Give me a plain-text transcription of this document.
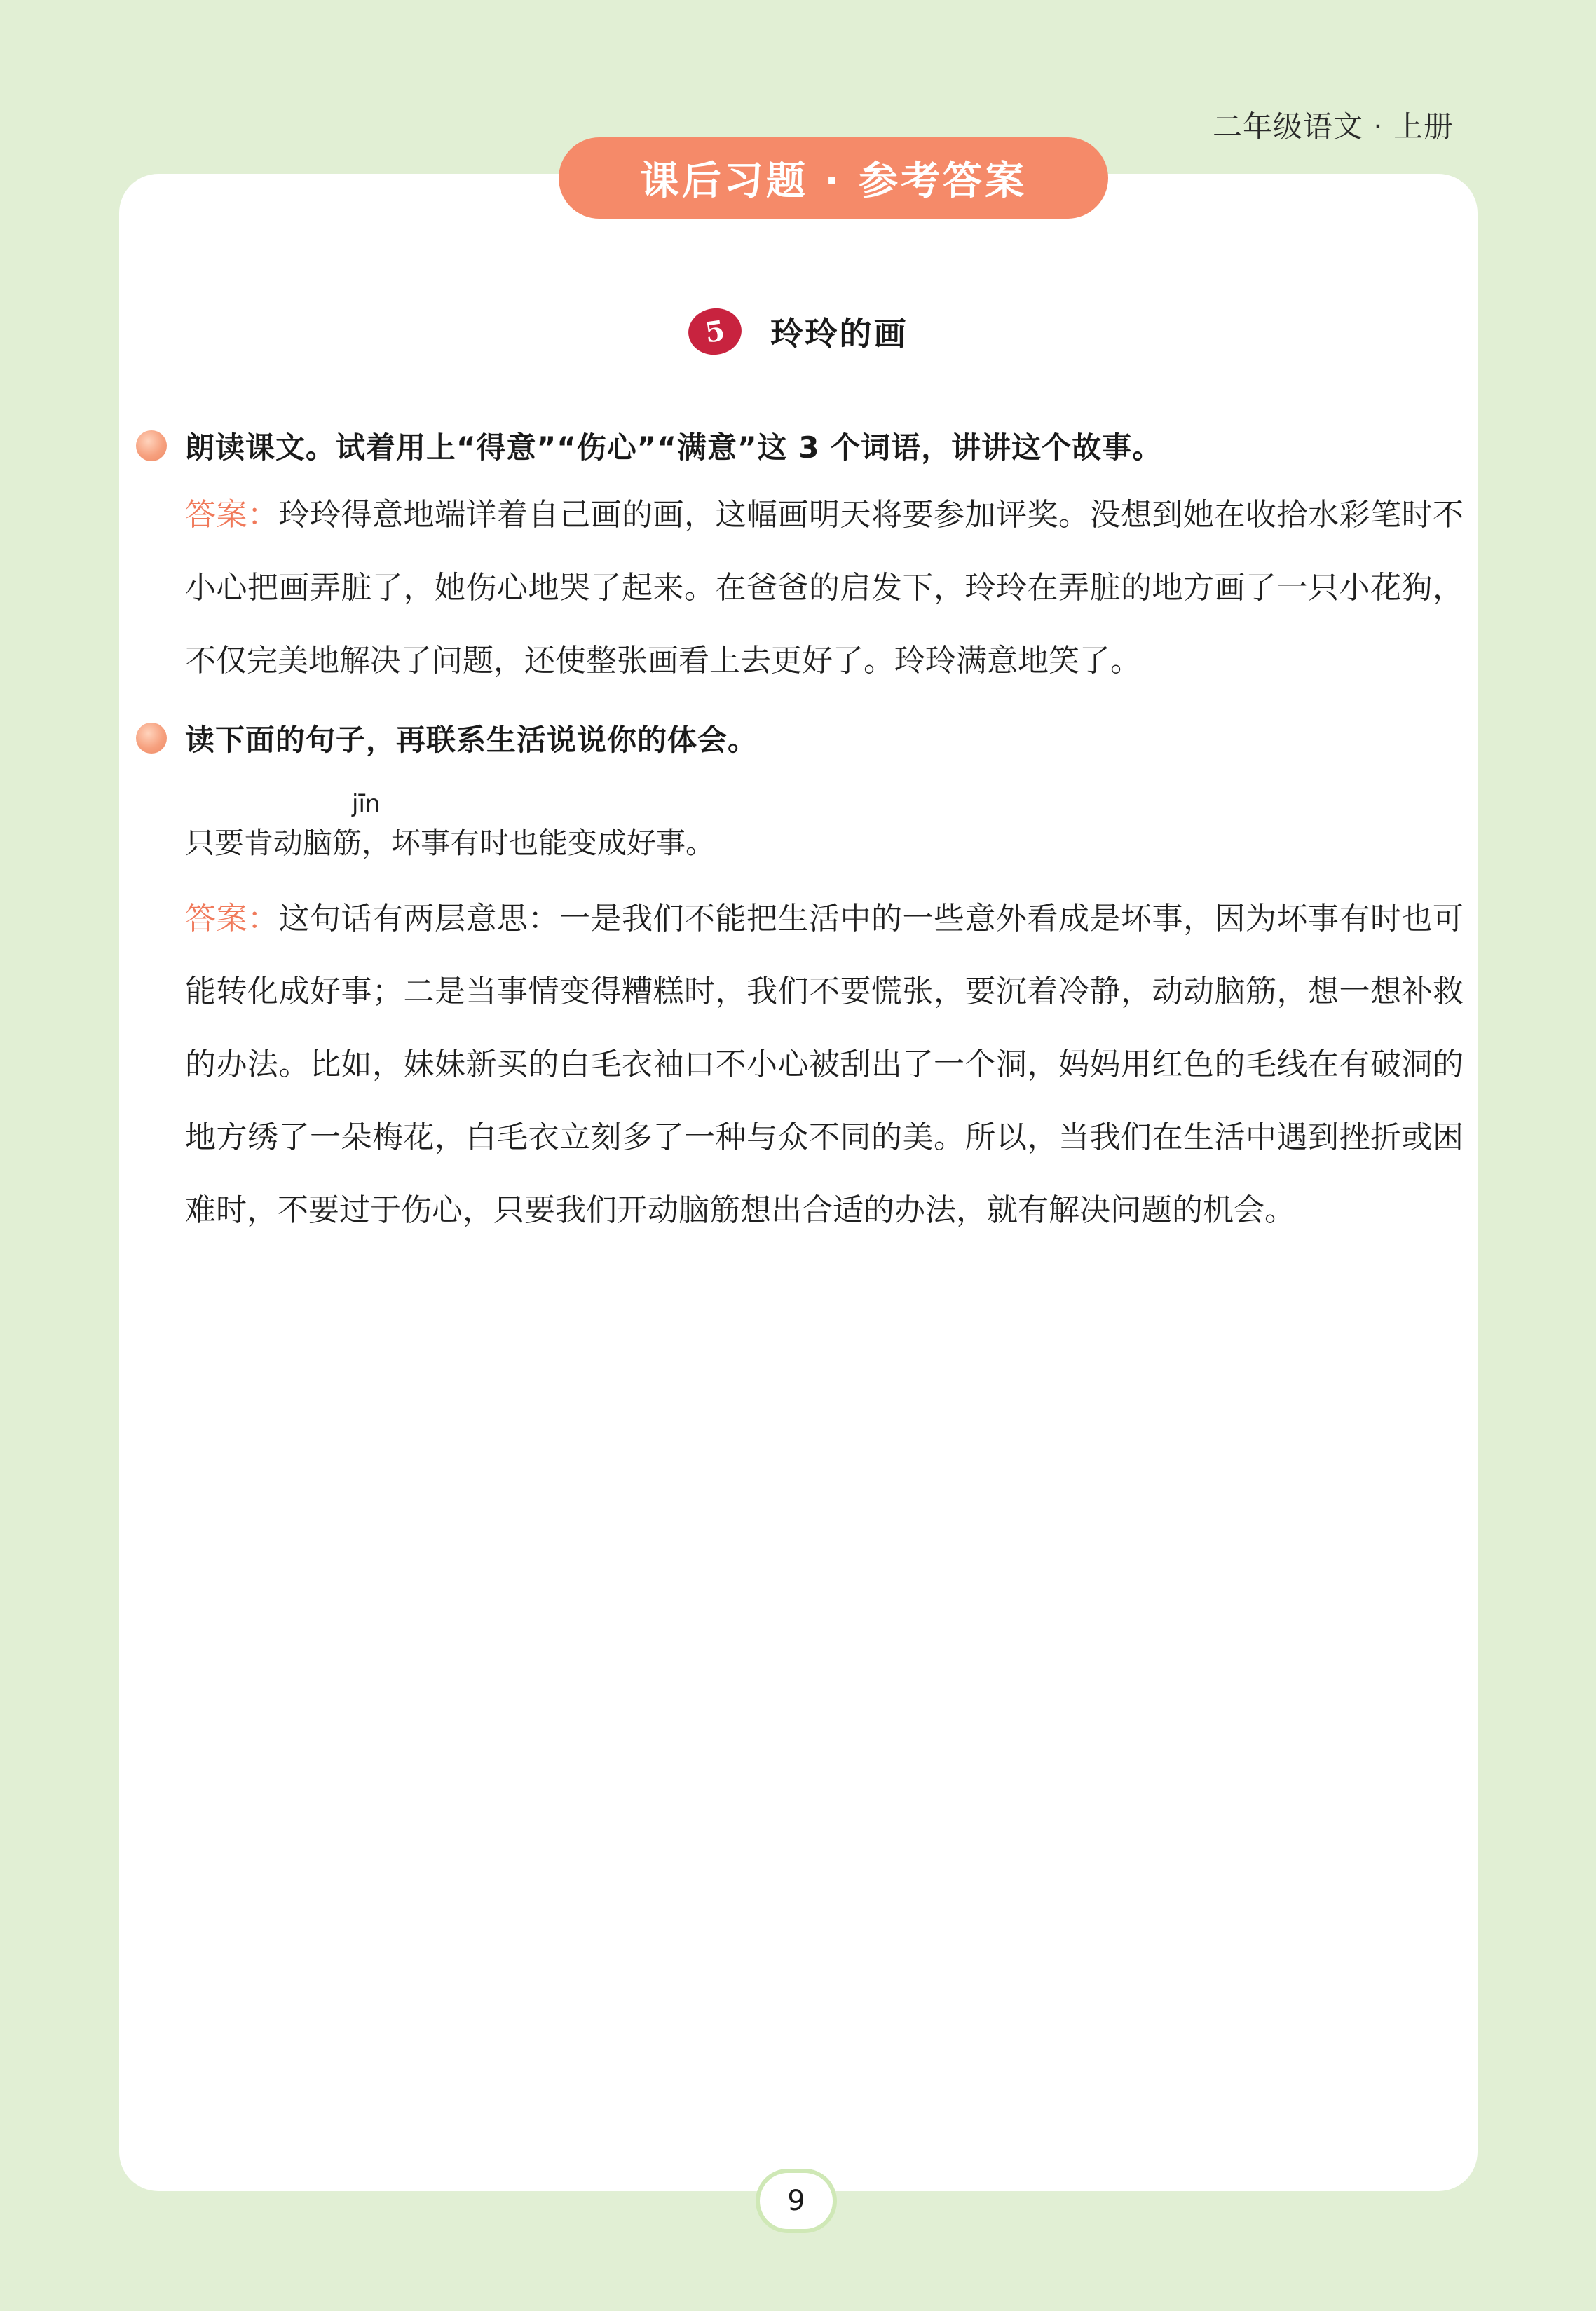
二年级语文 · 上册
课后习题 · 参考答案
5	玲玲的画
朗读课文。试着用上“得意”“伤心”“满意”这 3 个词语，讲讲这个故事。
答案：玲玲得意地端详着自己画的画，这幅画明天将要参加评奖。没想到她在收拾水彩笔时不小心把画弄脏了，她伤心地哭了起来。在爸爸的启发下，玲玲在弄脏的地方画了一只小花狗，不仅完美地解决了问题，还使整张画看上去更好了。玲玲满意地笑了。
读下面的句子，再联系生活说说你的体会。
jīn
只要肯动脑筋，坏事有时也能变成好事。
答案：这句话有两层意思：一是我们不能把生活中的一些意外看成是坏事，因为坏事有时也可能转化成好事；二是当事情变得糟糕时，我们不要慌张，要沉着冷静，动动脑筋，想一想补救的办法。比如，妹妹新买的白毛衣袖口不小心被刮出了一个洞，妈妈用红色的毛线在有破洞的地方绣了一朵梅花，白毛衣立刻多了一种与众不同的美。所以，当我们在生活中遇到挫折或困难时，不要过于伤心，只要我们开动脑筋想出合适的办法，就有解决问题的机会。
9
